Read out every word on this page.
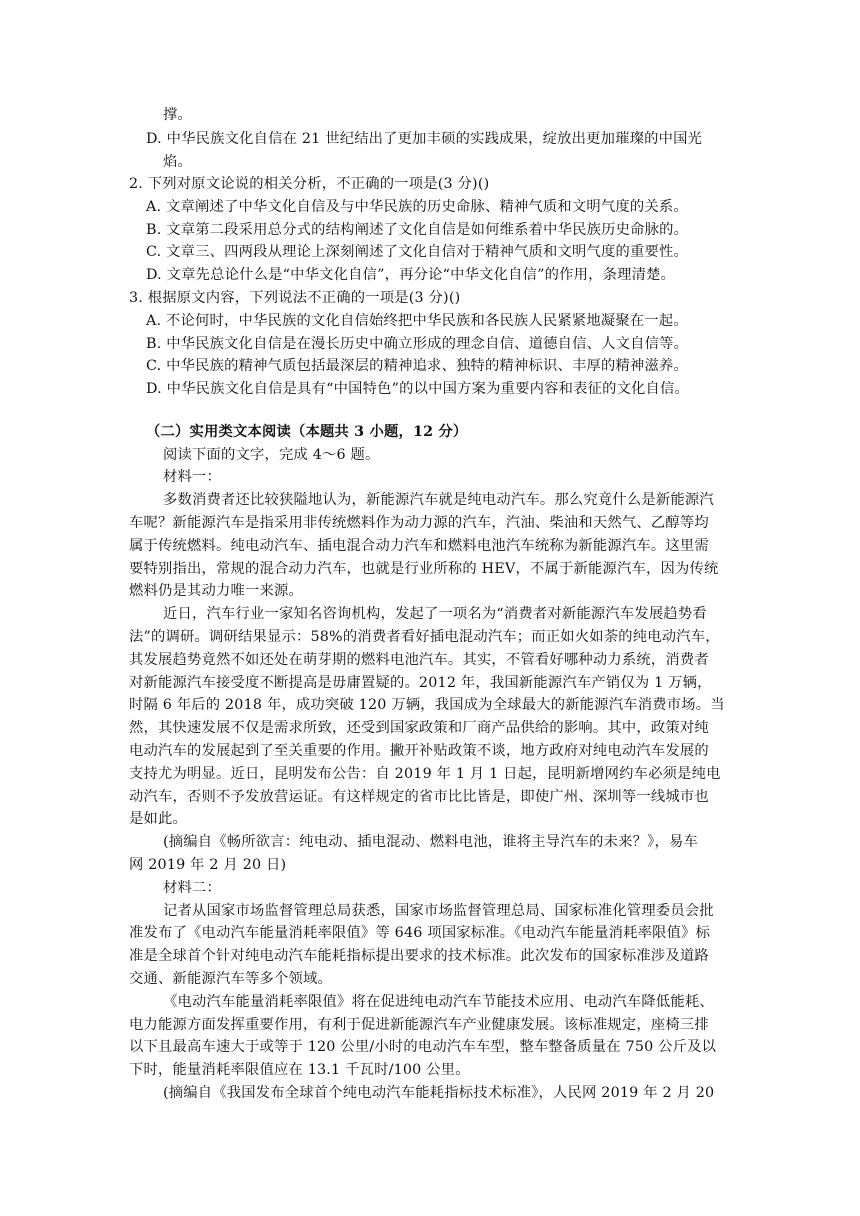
撑。
D. 中华民族文化自信在 21 世纪结出了更加丰硕的实践成果，绽放出更加璀璨的中国光
焰。
2. 下列对原文论说的相关分析，不正确的一项是(3 分)()
A. 文章阐述了中华文化自信及与中华民族的历史命脉、精神气质和文明气度的关系。
B. 文章第二段采用总分式的结构阐述了文化自信是如何维系着中华民族历史命脉的。
C. 文章三、四两段从理论上深刻阐述了文化自信对于精神气质和文明气度的重要性。
D. 文章先总论什么是“中华文化自信”，再分论“中华文化自信”的作用，条理清楚。
3. 根据原文内容，下列说法不正确的一项是(3 分)()
A. 不论何时，中华民族的文化自信始终把中华民族和各民族人民紧紧地凝聚在一起。
B. 中华民族文化自信是在漫长历史中确立形成的理念自信、道德自信、人文自信等。
C. 中华民族的精神气质包括最深层的精神追求、独特的精神标识、丰厚的精神滋养。
D. 中华民族文化自信是具有“中国特色”的以中国方案为重要内容和表征的文化自信。
（二）实用类文本阅读（本题共 3 小题，12 分）
阅读下面的文字，完成 4～6 题。
材料一：
多数消费者还比较狭隘地认为，新能源汽车就是纯电动汽车。那么究竟什么是新能源汽
车呢？新能源汽车是指采用非传统燃料作为动力源的汽车，汽油、柴油和天然气、乙醇等均
属于传统燃料。纯电动汽车、插电混合动力汽车和燃料电池汽车统称为新能源汽车。这里需
要特别指出，常规的混合动力汽车，也就是行业所称的 HEV，不属于新能源汽车，因为传统
燃料仍是其动力唯一来源。
近日，汽车行业一家知名咨询机构，发起了一项名为“消费者对新能源汽车发展趋势看
法”的调研。调研结果显示：58%的消费者看好插电混动汽车；而正如火如荼的纯电动汽车，
其发展趋势竟然不如还处在萌芽期的燃料电池汽车。其实，不管看好哪种动力系统，消费者
对新能源汽车接受度不断提高是毋庸置疑的。2012 年，我国新能源汽车产销仅为 1 万辆，
时隔 6 年后的 2018 年，成功突破 120 万辆，我国成为全球最大的新能源汽车消费市场。当
然，其快速发展不仅是需求所致，还受到国家政策和厂商产品供给的影响。其中，政策对纯
电动汽车的发展起到了至关重要的作用。撇开补贴政策不谈，地方政府对纯电动汽车发展的
支持尤为明显。近日，昆明发布公告：自 2019 年 1 月 1 日起，昆明新增网约车必须是纯电
动汽车，否则不予发放营运证。有这样规定的省市比比皆是，即使广州、深圳等一线城市也
是如此。
(摘编自《畅所欲言：纯电动、插电混动、燃料电池，谁将主导汽车的未来？》，易车
网 2019 年 2 月 20 日)
材料二：
记者从国家市场监督管理总局获悉，国家市场监督管理总局、国家标准化管理委员会批
准发布了《电动汽车能量消耗率限值》等 646 项国家标准。《电动汽车能量消耗率限值》标
准是全球首个针对纯电动汽车能耗指标提出要求的技术标准。此次发布的国家标准涉及道路
交通、新能源汽车等多个领域。
《电动汽车能量消耗率限值》将在促进纯电动汽车节能技术应用、电动汽车降低能耗、
电力能源方面发挥重要作用，有利于促进新能源汽车产业健康发展。该标准规定，座椅三排
以下且最高车速大于或等于 120 公里/小时的电动汽车车型，整车整备质量在 750 公斤及以
下时，能量消耗率限值应在 13.1 千瓦时/100 公里。
(摘编自《我国发布全球首个纯电动汽车能耗指标技术标准》，人民网 2019 年 2 月 20
